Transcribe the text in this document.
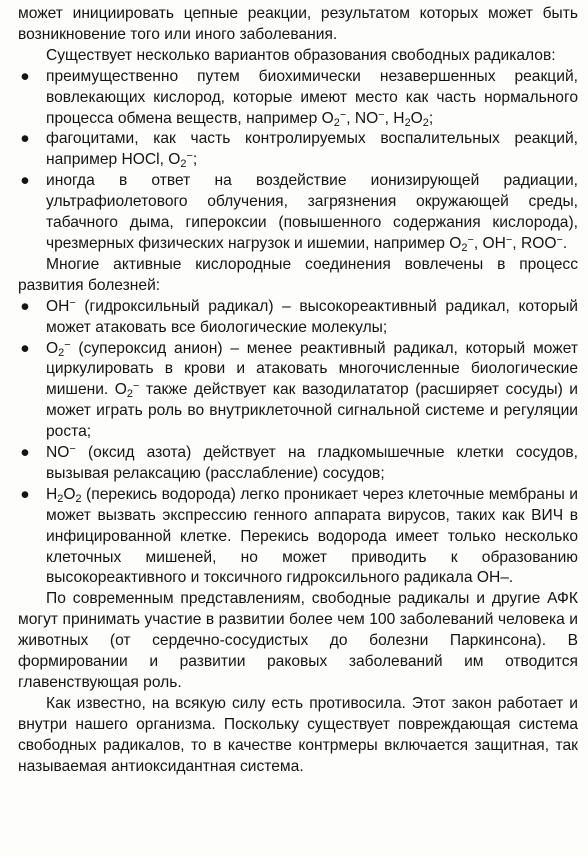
может инициировать цепные реакции, результатом которых может быть возникновение того или иного заболевания.

Существует несколько вариантов образования свободных радикалов:

● преимущественно путем биохимически незавершенных реакций, вовлекающих кислород, которые имеют место как часть нормального процесса обмена веществ, например $O_2^-$, NO−, $H_2O_2$;
● фагоцитами, как часть контролируемых воспалительных реакций, например HOCl, $O_2^-$;
● иногда в ответ на воздействие ионизирующей радиации, ультрафиолетового облучения, загрязнения окружающей среды, табачного дыма, гипероксии (повышенного содержания кислорода), чрезмерных физических нагрузок и ишемии, например $O_2^-$, OH−, ROO−.

Многие активные кислородные соединения вовлечены в процесс развития болезней:

● OH− (гидроксильный радикал) – высокореактивный радикал, который может атаковать все биологические молекулы;
● $O_2^-$ (супероксид анион) – менее реактивный радикал, который может циркулировать в крови и атаковать многочисленные биологические мишени. $O_2^-$ также действует как вазодилататор (расширяет сосуды) и может играть роль во внутриклеточной сигнальной системе и регуляции роста;
● NO− (оксид азота) действует на гладкомышечные клетки сосудов, вызывая релаксацию (расслабление) сосудов;
● $H_2O_2$ (перекись водорода) легко проникает через клеточные мембраны и может вызвать экспрессию генного аппарата вирусов, таких как ВИЧ в инфицированной клетке. Перекись водорода имеет только несколько клеточных мишеней, но может приводить к образованию высокореактивного и токсичного гидроксильного радикала OH–.

По современным представлениям, свободные радикалы и другие АФК могут принимать участие в развитии более чем 100 заболеваний человека и животных (от сердечно-сосудистых до болезни Паркинсона). В формировании и развитии раковых заболеваний им отводится главенствующая роль.

Как известно, на всякую силу есть противосила. Этот закон работает и внутри нашего организма. Поскольку существует повреждающая система свободных радикалов, то в качестве контрмеры включается защитная, так называемая антиоксидантная система.
